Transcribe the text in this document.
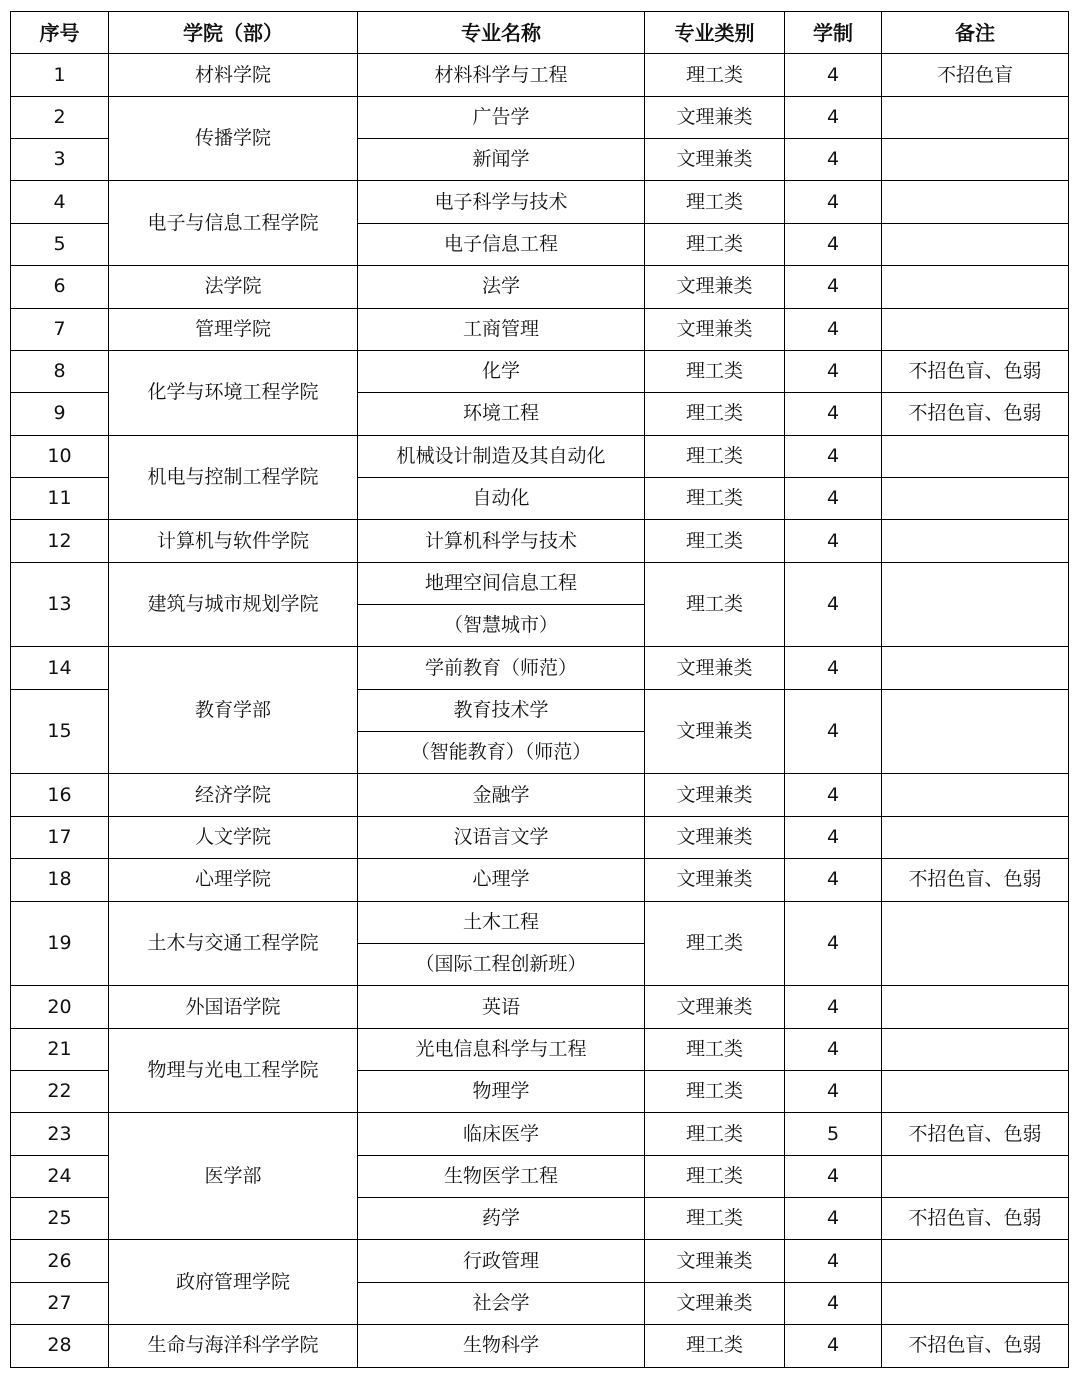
序号	学院（部）	专业名称	专业类别	学制	备注
1	材料学院	材料科学与工程	理工类	4	不招色盲
2	传播学院	广告学	文理兼类	4	
3		新闻学	文理兼类	4	
4	电子与信息工程学院	电子科学与技术	理工类	4	
5		电子信息工程	理工类	4	
6	法学院	法学	文理兼类	4	
7	管理学院	工商管理	文理兼类	4	
8	化学与环境工程学院	化学	理工类	4	不招色盲、色弱
9		环境工程	理工类	4	不招色盲、色弱
10	机电与控制工程学院	机械设计制造及其自动化	理工类	4	
11		自动化	理工类	4	
12	计算机与软件学院	计算机科学与技术	理工类	4	
13	建筑与城市规划学院	地理空间信息工程	理工类	4	
		（智慧城市）			
14	教育学部	学前教育（师范）	文理兼类	4	
15		教育技术学	文理兼类	4	
		（智能教育）（师范）			
16	经济学院	金融学	文理兼类	4	
17	人文学院	汉语言文学	文理兼类	4	
18	心理学院	心理学	文理兼类	4	不招色盲、色弱
19	土木与交通工程学院	土木工程	理工类	4	
		（国际工程创新班）			
20	外国语学院	英语	文理兼类	4	
21	物理与光电工程学院	光电信息科学与工程	理工类	4	
22		物理学	理工类	4	
23	医学部	临床医学	理工类	5	不招色盲、色弱
24		生物医学工程	理工类	4	
25		药学	理工类	4	不招色盲、色弱
26	政府管理学院	行政管理	文理兼类	4	
27		社会学	文理兼类	4	
28	生命与海洋科学学院	生物科学	理工类	4	不招色盲、色弱
